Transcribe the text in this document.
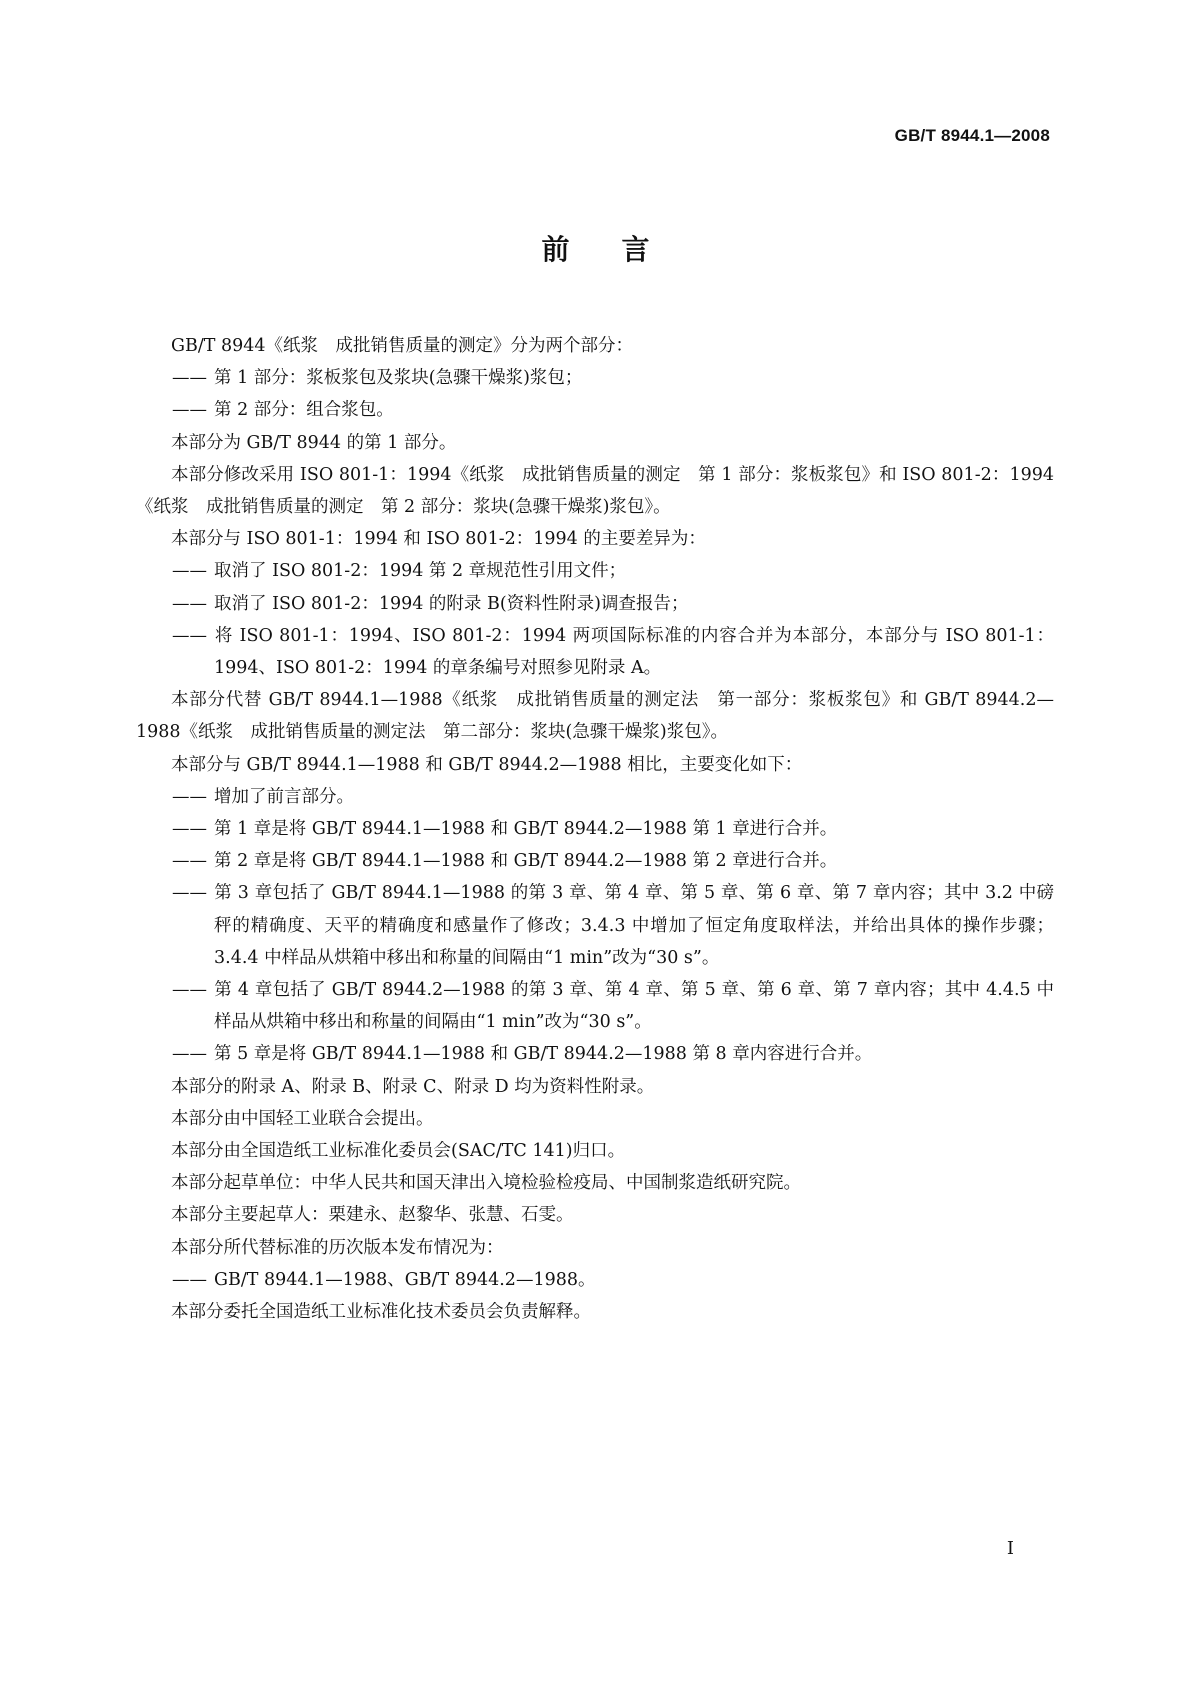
GB/T 8944.1—2008
前言

GB/T 8944《纸浆　成批销售质量的测定》分为两个部分：

—— 第 1 部分：浆板浆包及浆块(急骤干燥浆)浆包；

—— 第 2 部分：组合浆包。

本部分为 GB/T 8944 的第 1 部分。

本部分修改采用 ISO 801-1：1994《纸浆　成批销售质量的测定　第 1 部分：浆板浆包》和 ISO 801-2：1994《纸浆　成批销售质量的测定　第 2 部分：浆块(急骤干燥浆)浆包》。

本部分与 ISO 801-1：1994 和 ISO 801-2：1994 的主要差异为：

—— 取消了 ISO 801-2：1994 第 2 章规范性引用文件；

—— 取消了 ISO 801-2：1994 的附录 B(资料性附录)调查报告；

—— 将 ISO 801-1：1994、ISO 801-2：1994 两项国际标准的内容合并为本部分，本部分与 ISO 801-1：1994、ISO 801-2：1994 的章条编号对照参见附录 A。

本部分代替 GB/T 8944.1—1988《纸浆　成批销售质量的测定法　第一部分：浆板浆包》和 GB/T 8944.2—1988《纸浆　成批销售质量的测定法　第二部分：浆块(急骤干燥浆)浆包》。

本部分与 GB/T 8944.1—1988 和 GB/T 8944.2—1988 相比，主要变化如下：

—— 增加了前言部分。

—— 第 1 章是将 GB/T 8944.1—1988 和 GB/T 8944.2—1988 第 1 章进行合并。

—— 第 2 章是将 GB/T 8944.1—1988 和 GB/T 8944.2—1988 第 2 章进行合并。

—— 第 3 章包括了 GB/T 8944.1—1988 的第 3 章、第 4 章、第 5 章、第 6 章、第 7 章内容；其中 3.2 中磅秤的精确度、天平的精确度和感量作了修改；3.4.3 中增加了恒定角度取样法，并给出具体的操作步骤；3.4.4 中样品从烘箱中移出和称量的间隔由“1 min”改为“30 s”。

—— 第 4 章包括了 GB/T 8944.2—1988 的第 3 章、第 4 章、第 5 章、第 6 章、第 7 章内容；其中 4.4.5 中样品从烘箱中移出和称量的间隔由“1 min”改为“30 s”。

—— 第 5 章是将 GB/T 8944.1—1988 和 GB/T 8944.2—1988 第 8 章内容进行合并。

本部分的附录 A、附录 B、附录 C、附录 D 均为资料性附录。

本部分由中国轻工业联合会提出。

本部分由全国造纸工业标准化委员会(SAC/TC 141)归口。

本部分起草单位：中华人民共和国天津出入境检验检疫局、中国制浆造纸研究院。

本部分主要起草人：栗建永、赵黎华、张慧、石雯。

本部分所代替标准的历次版本发布情况为：

—— GB/T 8944.1—1988、GB/T 8944.2—1988。

本部分委托全国造纸工业标准化技术委员会负责解释。

I
